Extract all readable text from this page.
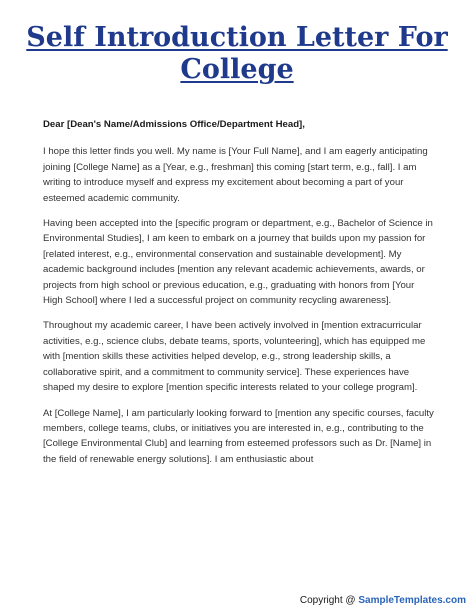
Self Introduction Letter For College

Dear [Dean's Name/Admissions Office/Department Head],

I hope this letter finds you well. My name is [Your Full Name], and I am eagerly anticipating joining [College Name] as a [Year, e.g., freshman] this coming [start term, e.g., fall]. I am writing to introduce myself and express my excitement about becoming a part of your esteemed academic community.

Having been accepted into the [specific program or department, e.g., Bachelor of Science in Environmental Studies], I am keen to embark on a journey that builds upon my passion for [related interest, e.g., environmental conservation and sustainable development]. My academic background includes [mention any relevant academic achievements, awards, or projects from high school or previous education, e.g., graduating with honors from [Your High School] where I led a successful project on community recycling awareness].

Throughout my academic career, I have been actively involved in [mention extracurricular activities, e.g., science clubs, debate teams, sports, volunteering], which has equipped me with [mention skills these activities helped develop, e.g., strong leadership skills, a collaborative spirit, and a commitment to community service]. These experiences have shaped my desire to explore [mention specific interests related to your college program].

At [College Name], I am particularly looking forward to [mention any specific courses, faculty members, college teams, clubs, or initiatives you are interested in, e.g., contributing to the [College Environmental Club] and learning from esteemed professors such as Dr. [Name] in the field of renewable energy solutions]. I am enthusiastic about

Copyright @ SampleTemplates.com
